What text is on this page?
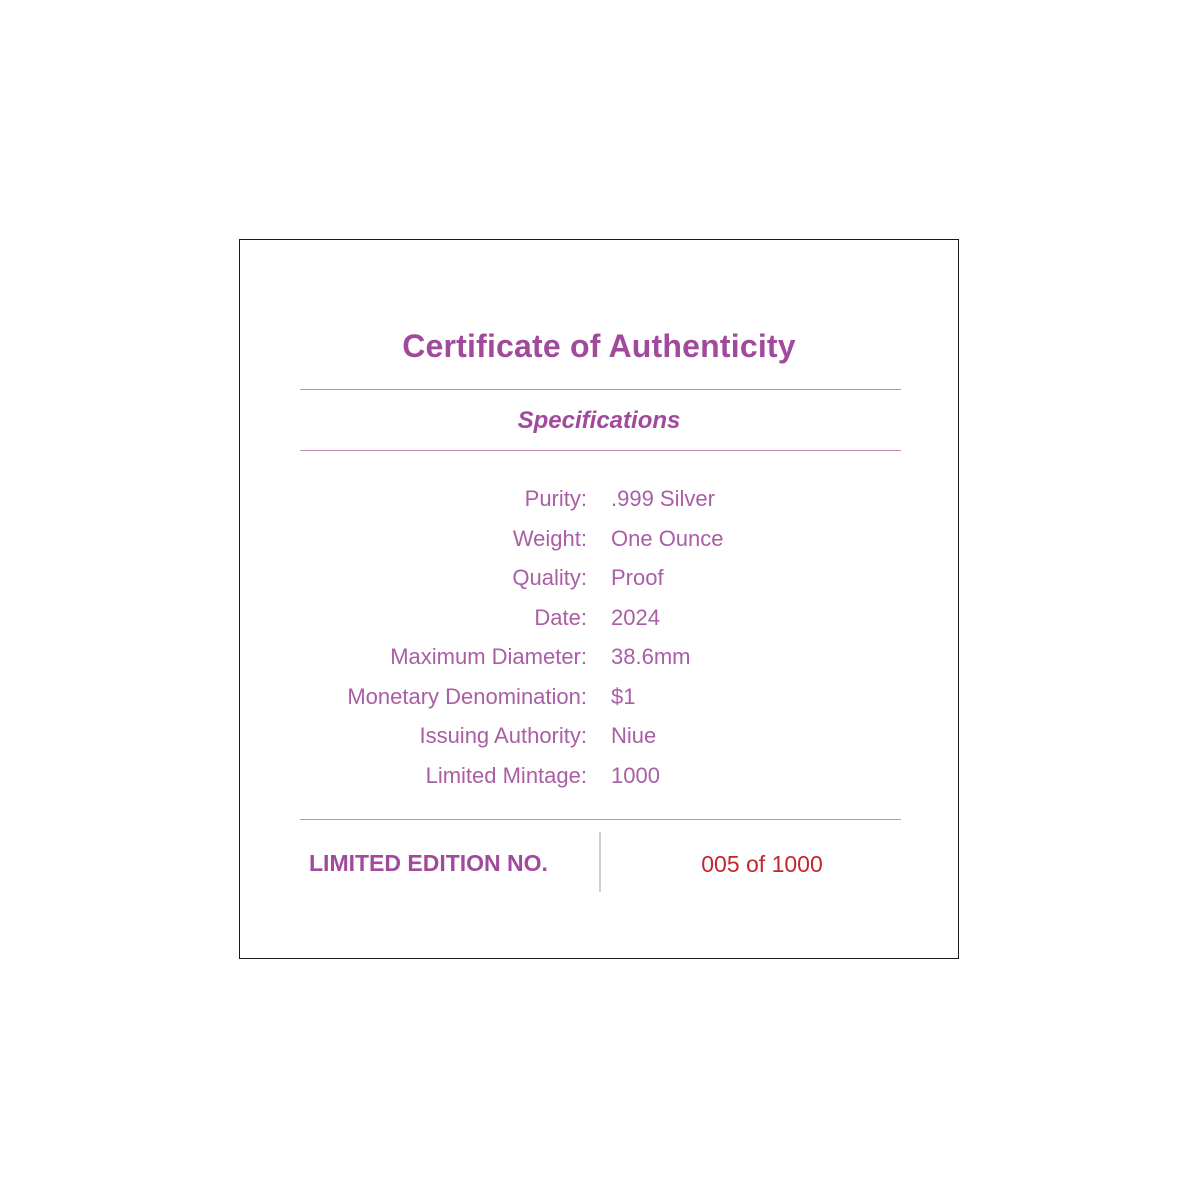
Certificate of Authenticity
Specifications
Purity: .999 Silver
Weight: One Ounce
Quality: Proof
Date: 2024
Maximum Diameter: 38.6mm
Monetary Denomination: $1
Issuing Authority: Niue
Limited Mintage: 1000
LIMITED EDITION NO.	005 of 1000
